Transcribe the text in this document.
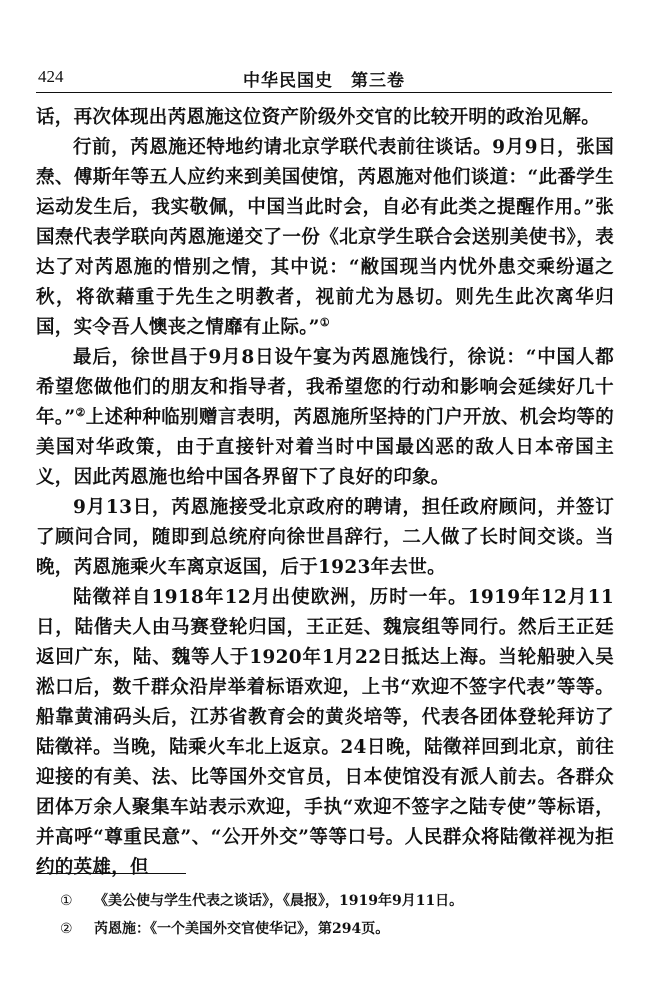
424	中华民国史　第三卷

话，再次体现出芮恩施这位资产阶级外交官的比较开明的政治见解。

行前，芮恩施还特地约请北京学联代表前往谈话。9月9日，张国焘、傅斯年等五人应约来到美国使馆，芮恩施对他们谈道：“此番学生运动发生后，我实敬佩，中国当此时会，自必有此类之提醒作用。”张国焘代表学联向芮恩施递交了一份《北京学生联合会送别美使书》，表达了对芮恩施的惜别之情，其中说：“敝国现当内忧外患交乘纷逼之秋，将欲藉重于先生之明教者，视前尤为恳切。则先生此次离华归国，实令吾人懊丧之情靡有止际。”①

最后，徐世昌于9月8日设午宴为芮恩施饯行，徐说：“中国人都希望您做他们的朋友和指导者，我希望您的行动和影响会延续好几十年。”②上述种种临别赠言表明，芮恩施所坚持的门户开放、机会均等的美国对华政策，由于直接针对着当时中国最凶恶的敌人日本帝国主义，因此芮恩施也给中国各界留下了良好的印象。

9月13日，芮恩施接受北京政府的聘请，担任政府顾问，并签订了顾问合同，随即到总统府向徐世昌辞行，二人做了长时间交谈。当晚，芮恩施乘火车离京返国，后于1923年去世。

陆徵祥自1918年12月出使欧洲，历时一年。1919年12月11日，陆偕夫人由马赛登轮归国，王正廷、魏宸组等同行。然后王正廷返回广东，陆、魏等人于1920年1月22日抵达上海。当轮船驶入吴淞口后，数千群众沿岸举着标语欢迎，上书“欢迎不签字代表”等等。船靠黄浦码头后，江苏省教育会的黄炎培等，代表各团体登轮拜访了陆徵祥。当晚，陆乘火车北上返京。24日晚，陆徵祥回到北京，前往迎接的有美、法、比等国外交官员，日本使馆没有派人前去。各群众团体万余人聚集车站表示欢迎，手执“欢迎不签字之陆专使”等标语，并高呼“尊重民意”、“公开外交”等等口号。人民群众将陆徵祥视为拒约的英雄，但

① 《美公使与学生代表之谈话》，《晨报》，1919年9月11日。
② 芮恩施：《一个美国外交官使华记》，第294页。
